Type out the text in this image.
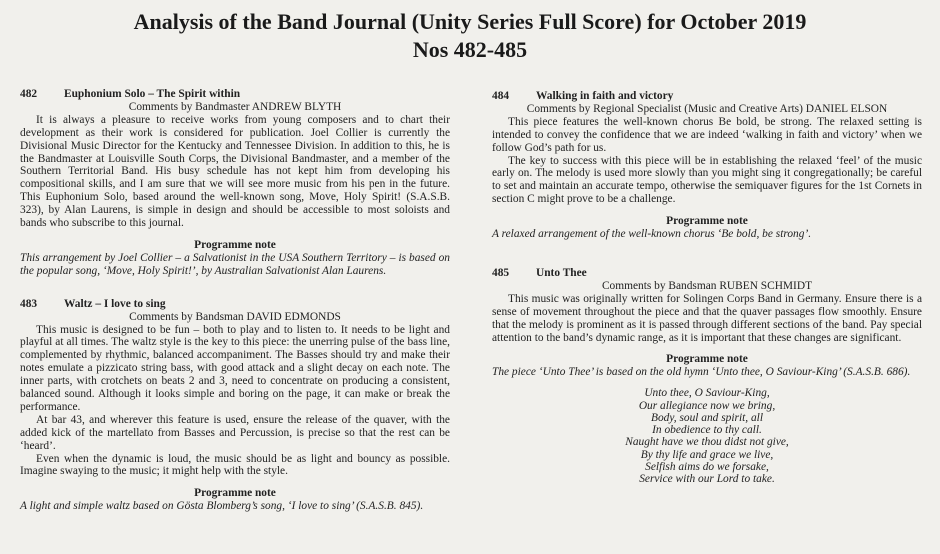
Analysis of the Band Journal (Unity Series Full Score) for October 2019
Nos 482-485
482	Euphonium Solo – The Spirit within
Comments by Bandmaster ANDREW BLYTH

It is always a pleasure to receive works from young composers and to chart their development as their work is considered for publication. Joel Collier is currently the Divisional Music Director for the Kentucky and Tennessee Division. In addition to this, he is the Bandmaster at Louisville South Corps, the Divisional Bandmaster, and a member of the Southern Territorial Band. His busy schedule has not kept him from developing his compositional skills, and I am sure that we will see more music from his pen in the future. This Euphonium Solo, based around the well-known song, Move, Holy Spirit! (S.A.S.B. 323), by Alan Laurens, is simple in design and should be accessible to most soloists and bands who subscribe to this journal.

Programme note
This arrangement by Joel Collier – a Salvationist in the USA Southern Territory – is based on the popular song, ‘Move, Holy Spirit!’, by Australian Salvationist Alan Laurens.
483	Waltz – I love to sing
Comments by Bandsman DAVID EDMONDS

This music is designed to be fun – both to play and to listen to. It needs to be light and playful at all times. The waltz style is the key to this piece: the unerring pulse of the bass line, complemented by rhythmic, balanced accompaniment. The Basses should try and make their notes emulate a pizzicato string bass, with good attack and a slight decay on each note. The inner parts, with crotchets on beats 2 and 3, need to concentrate on producing a consistent, balanced sound. Although it looks simple and boring on the page, it can make or break the performance.

At bar 43, and wherever this feature is used, ensure the release of the quaver, with the added kick of the martellato from Basses and Percussion, is precise so that the rest can be ‘heard’.

Even when the dynamic is loud, the music should be as light and bouncy as possible. Imagine swaying to the music; it might help with the style.

Programme note
A light and simple waltz based on Gösta Blomberg’s song, ‘I love to sing’ (S.A.S.B. 845).
484	Walking in faith and victory
Comments by Regional Specialist (Music and Creative Arts) DANIEL ELSON

This piece features the well-known chorus Be bold, be strong. The relaxed setting is intended to convey the confidence that we are indeed ‘walking in faith and victory’ when we follow God’s path for us.

The key to success with this piece will be in establishing the relaxed ‘feel’ of the music early on. The melody is used more slowly than you might sing it congregationally; be careful to set and maintain an accurate tempo, otherwise the semiquaver figures for the 1st Cornets in section C might prove to be a challenge.

Programme note
A relaxed arrangement of the well-known chorus ‘Be bold, be strong’.
485	Unto Thee
Comments by Bandsman RUBEN SCHMIDT

This music was originally written for Solingen Corps Band in Germany. Ensure there is a sense of movement throughout the piece and that the quaver passages flow smoothly. Ensure that the melody is prominent as it is passed through different sections of the band. Pay special attention to the band’s dynamic range, as it is important that these changes are significant.

Programme note
The piece ‘Unto Thee’ is based on the old hymn ‘Unto thee, O Saviour-King’ (S.A.S.B. 686).
Unto thee, O Saviour-King,
Our allegiance now we bring,
Body, soul and spirit, all
In obedience to thy call.
Naught have we thou didst not give,
By thy life and grace we live,
Selfish aims do we forsake,
Service with our Lord to take.
